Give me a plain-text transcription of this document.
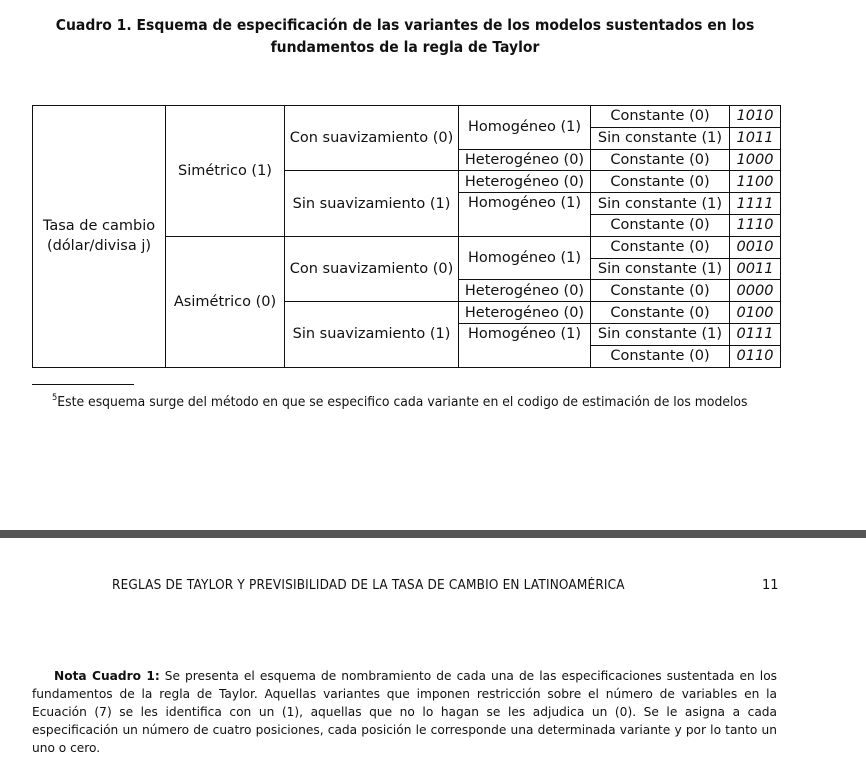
Cuadro 1. Esquema de especificación de las variantes de los modelos sustentados en los
fundamentos de la regla de Taylor
Tasa de cambio
(dólar/divisa j)	Simétrico (1)	Con suavizamiento (0)	Homogéneo (1)	Constante (0)	1010
				Sin constante (1)	1011
			Heterogéneo (0)	Constante (0)	1000
		Sin suavizamiento (1)	Heterogéneo (0)	Constante (0)	1100
			Homogéneo (1)	Sin constante (1)	1111
				Constante (0)	1110
	Asimétrico (0)	Con suavizamiento (0)	Homogéneo (1)	Constante (0)	0010
				Sin constante (1)	0011
			Heterogéneo (0)	Constante (0)	0000
		Sin suavizamiento (1)	Heterogéneo (0)	Constante (0)	0100
			Homogéneo (1)	Sin constante (1)	0111
				Constante (0)	0110
$^5$Este esquema surge del método en que se especifico cada variante en el codigo de estimación de los modelos
REGLAS DE TAYLOR Y PREVISIBILIDAD DE LA TASA DE CAMBIO EN LATINOAMÉRICA	11
Nota Cuadro 1: Se presenta el esquema de nombramiento de cada una de las especificaciones sustentada en los fundamentos de la regla de Taylor. Aquellas variantes que imponen restricción sobre el número de variables en la Ecuación (7) se les identifica con un (1), aquellas que no lo hagan se les adjudica un (0). Se le asigna a cada especificación un número de cuatro posiciones, cada posición le corresponde una determinada variante y por lo tanto un uno o cero.
